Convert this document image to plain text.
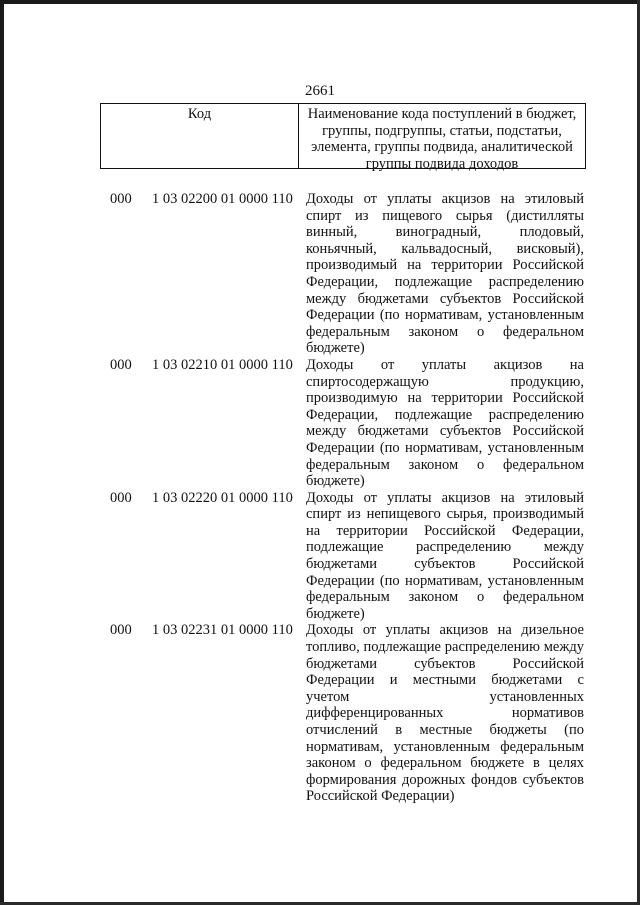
2661
Код	Наименование кода поступлений в бюджет, группы, подгруппы, статьи, подстатьи, элемента, группы подвида, аналитической группы подвида доходов
000	1 03 02200 01 0000 110 Доходы от уплаты акцизов на этиловый спирт из пищевого сырья (дистилляты винный, виноградный, плодовый, коньячный, кальвадосный, висковый), производимый на территории Российской Федерации, подлежащие распределению между бюджетами субъектов Российской Федерации (по нормативам, установленным федеральным законом о федеральном бюджете)
000	1 03 02210 01 0000 110 Доходы от уплаты акцизов на спиртосодержащую продукцию, производимую на территории Российской Федерации, подлежащие распределению между бюджетами субъектов Российской Федерации (по нормативам, установленным федеральным законом о федеральном бюджете)
000	1 03 02220 01 0000 110 Доходы от уплаты акцизов на этиловый спирт из непищевого сырья, производимый на территории Российской Федерации, подлежащие распределению между бюджетами субъектов Российской Федерации (по нормативам, установленным федеральным законом о федеральном бюджете)
000	1 03 02231 01 0000 110 Доходы от уплаты акцизов на дизельное топливо, подлежащие распределению между бюджетами субъектов Российской Федерации и местными бюджетами с учетом установленных дифференцированных нормативов отчислений в местные бюджеты (по нормативам, установленным федеральным законом о федеральном бюджете в целях формирования дорожных фондов субъектов Российской Федерации)
